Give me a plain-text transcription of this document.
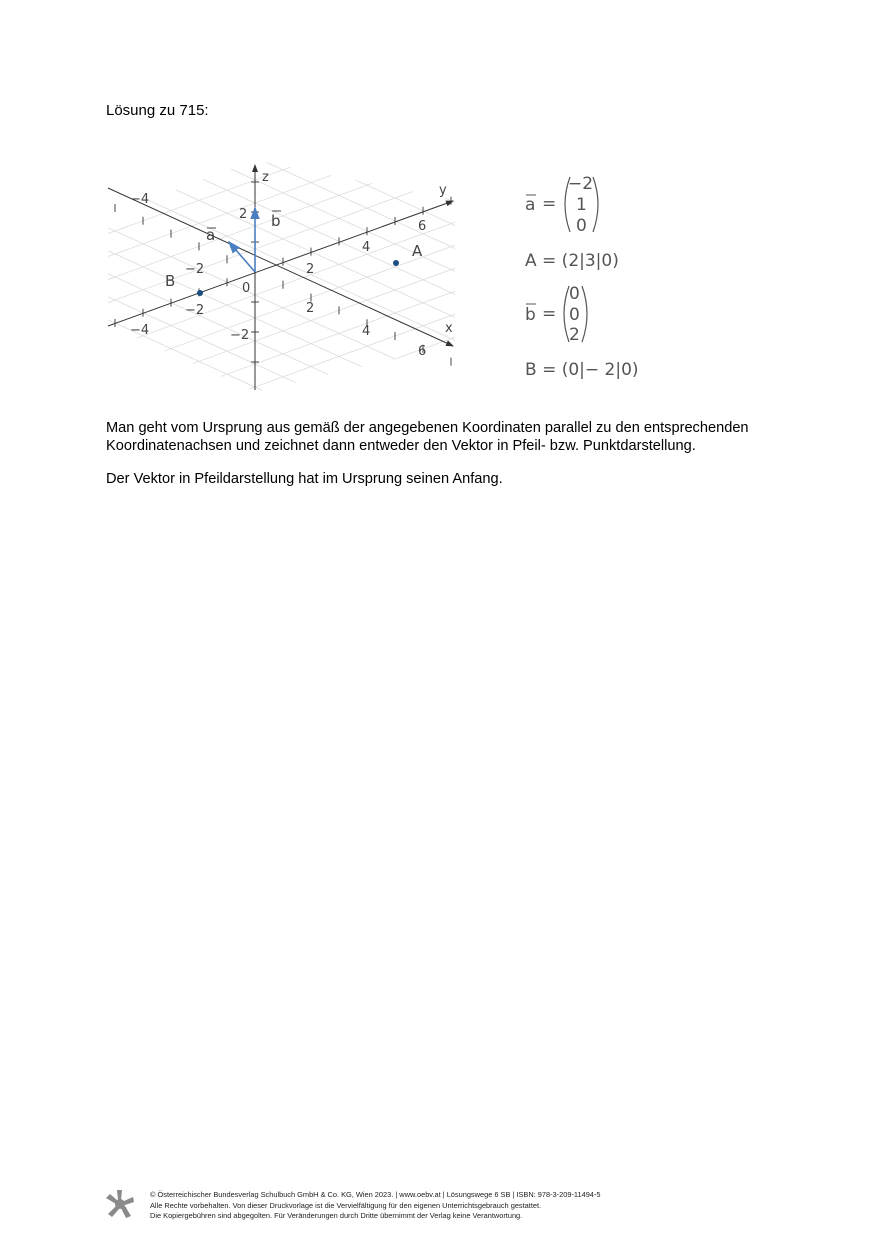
Lösung zu 715:
x
y
z
−4
−2
2
4
6
−4
−2
2
4
6
2
−2
0
a
b
A
B
a =
−2
1
0
A = (2|3|0)
b =
0
0
2
B = (0|− 2|0)
Man geht vom Ursprung aus gemäß der angegebenen Koordinaten parallel zu den entsprechenden Koordinatenachsen und zeichnet dann entweder den Vektor in Pfeil- bzw. Punktdarstellung.
Der Vektor in Pfeildarstellung hat im Ursprung seinen Anfang.
© Österreichischer Bundesverlag Schulbuch GmbH & Co. KG, Wien 2023. | www.oebv.at | Lösungswege 6 SB | ISBN: 978-3-209-11494-5
Alle Rechte vorbehalten. Von dieser Druckvorlage ist die Vervielfältigung für den eigenen Unterrichtsgebrauch gestattet.
Die Kopiergebühren sind abgegolten. Für Veränderungen durch Dritte übernimmt der Verlag keine Verantwortung.
